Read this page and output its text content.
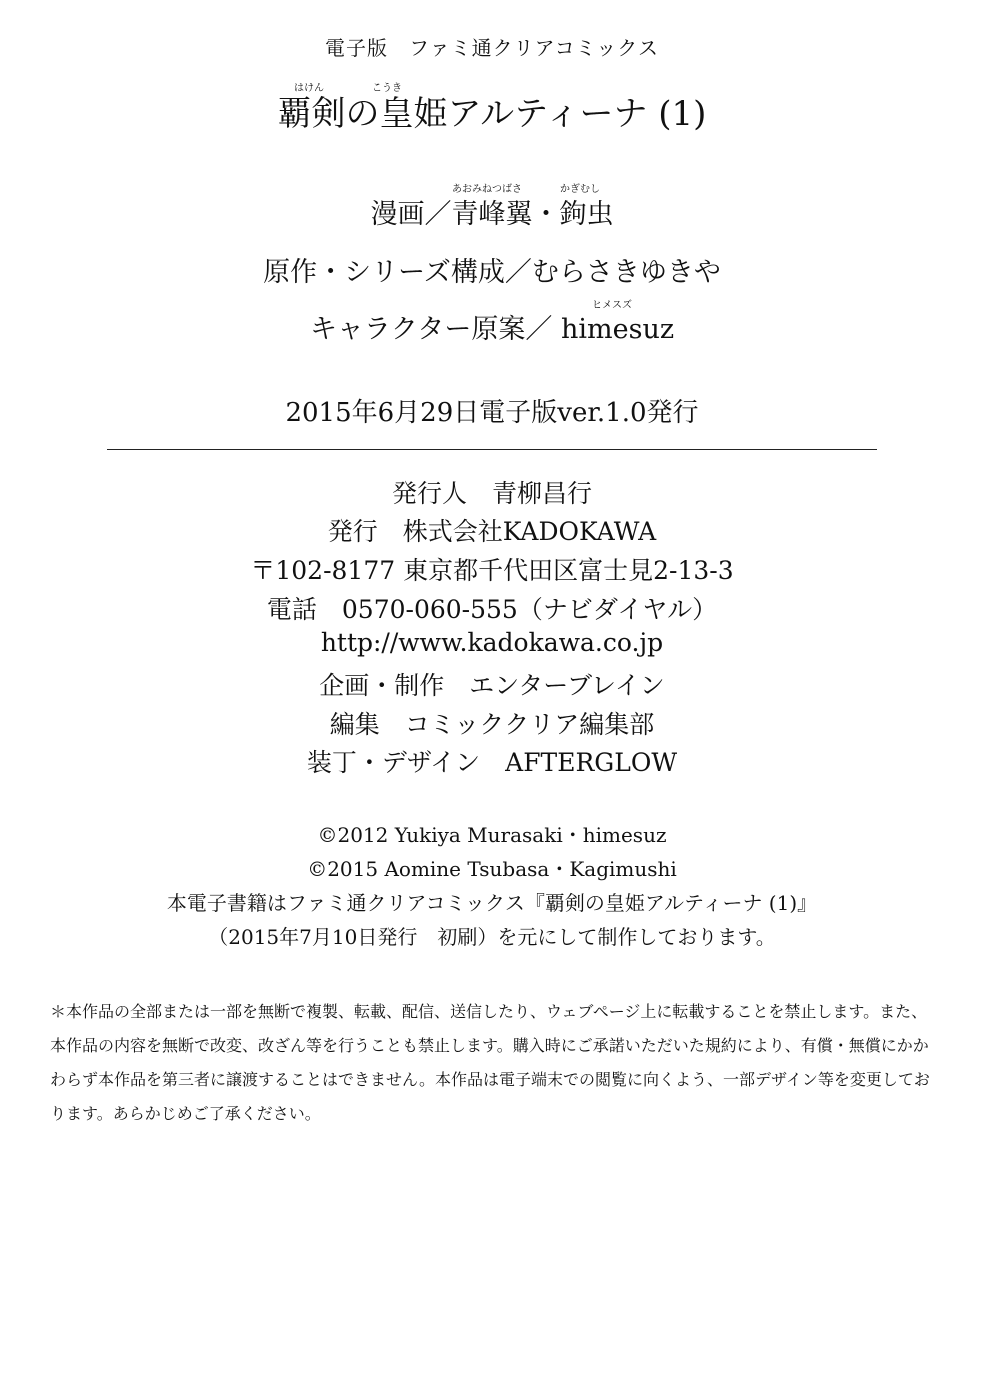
電子版　ファミ通クリアコミックス
はけん	こうき
覇剣の皇姫アルティーナ (1)
あおみねつばさ	かぎむし
漫画／青峰翼・鉤虫
原作・シリーズ構成／むらさきゆきや
ヒメスズ
キャラクター原案／ himesuz
2015年6月29日電子版ver.1.0発行
発行人　青柳昌行
発行　株式会社KADOKAWA
〒102-8177 東京都千代田区富士見2-13-3
電話　0570-060-555（ナビダイヤル）
http://www.kadokawa.co.jp
企画・制作　エンターブレイン
編集　コミッククリア編集部
装丁・デザイン　AFTERGLOW
©2012 Yukiya Murasaki・himesuz
©2015 Aomine Tsubasa・Kagimushi
本電子書籍はファミ通クリアコミックス『覇剣の皇姫アルティーナ (1)』
（2015年7月10日発行　初刷）を元にして制作しております。
＊本作品の全部または一部を無断で複製、転載、配信、送信したり、ウェブページ上に転載することを禁止します。また、本作品の内容を無断で改変、改ざん等を行うことも禁止します。購入時にご承諾いただいた規約により、有償・無償にかかわらず本作品を第三者に譲渡することはできません。本作品は電子端末での閲覧に向くよう、一部デザイン等を変更しております。あらかじめご了承ください。
